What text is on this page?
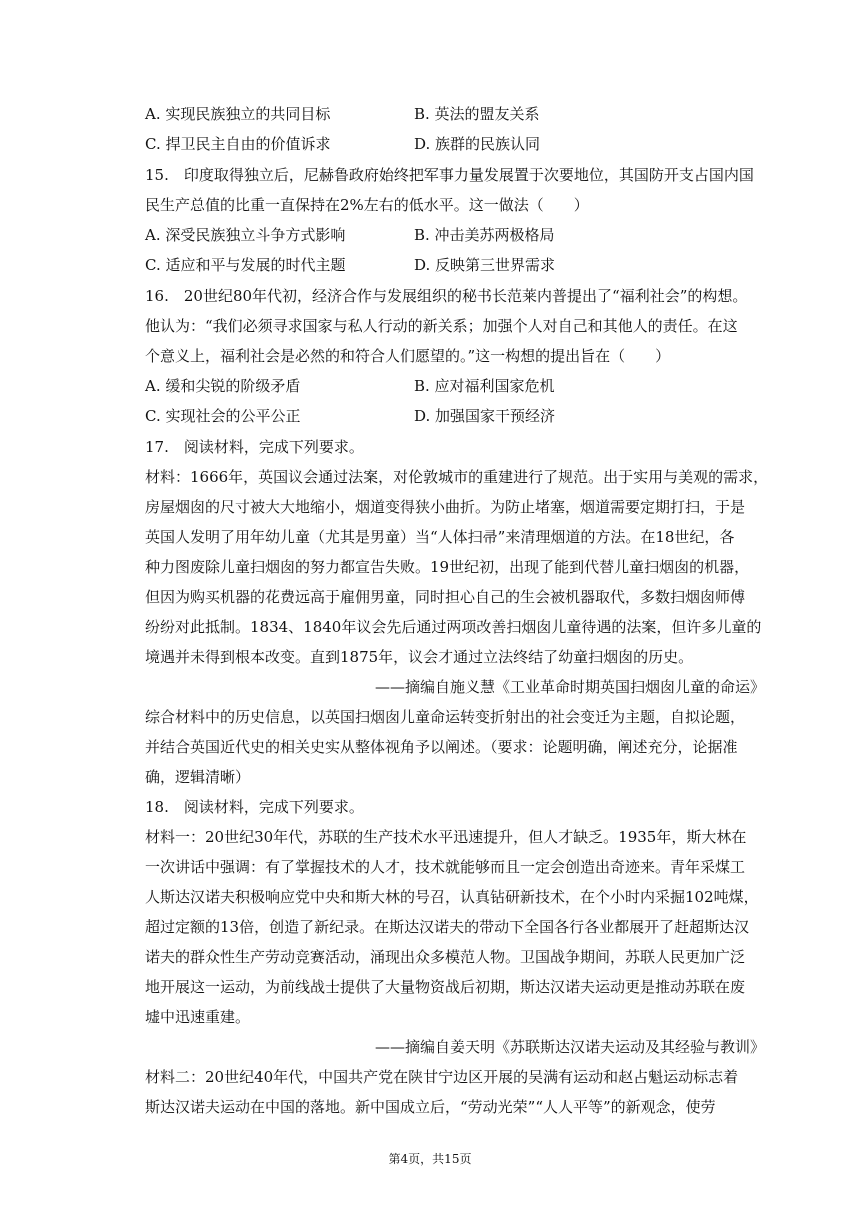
A. 实现民族独立的共同目标	B. 英法的盟友关系
C. 捍卫民主自由的价值诉求	D. 族群的民族认同
15.　印度取得独立后，尼赫鲁政府始终把军事力量发展置于次要地位，其国防开支占国内国
民生产总值的比重一直保持在2%左右的低水平。这一做法（　　）
A. 深受民族独立斗争方式影响	B. 冲击美苏两极格局
C. 适应和平与发展的时代主题	D. 反映第三世界需求
16.　20世纪80年代初，经济合作与发展组织的秘书长范莱内普提出了“福利社会”的构想。
他认为：“我们必须寻求国家与私人行动的新关系；加强个人对自己和其他人的责任。在这
个意义上，福利社会是必然的和符合人们愿望的。”这一构想的提出旨在（　　）
A. 缓和尖锐的阶级矛盾	B. 应对福利国家危机
C. 实现社会的公平公正	D. 加强国家干预经济
17.　阅读材料，完成下列要求。
材料：1666年，英国议会通过法案，对伦敦城市的重建进行了规范。出于实用与美观的需求，
房屋烟囱的尺寸被大大地缩小，烟道变得狭小曲折。为防止堵塞，烟道需要定期打扫，于是
英国人发明了用年幼儿童（尤其是男童）当“人体扫帚”来清理烟道的方法。在18世纪，各
种力图废除儿童扫烟囱的努力都宣告失败。19世纪初，出现了能到代替儿童扫烟囱的机器，
但因为购买机器的花费远高于雇佣男童，同时担心自己的生会被机器取代，多数扫烟囱师傅
纷纷对此抵制。1834、1840年议会先后通过两项改善扫烟囱儿童待遇的法案，但许多儿童的
境遇并未得到根本改变。直到1875年，议会才通过立法终结了幼童扫烟囱的历史。
——摘编自施义慧《工业革命时期英国扫烟囱儿童的命运》
综合材料中的历史信息，以英国扫烟囱儿童命运转变折射出的社会变迁为主题，自拟论题，
并结合英国近代史的相关史实从整体视角予以阐述。（要求：论题明确，阐述充分，论据准
确，逻辑清晰）
18.　阅读材料，完成下列要求。
材料一：20世纪30年代，苏联的生产技术水平迅速提升，但人才缺乏。1935年，斯大林在
一次讲话中强调：有了掌握技术的人才，技术就能够而且一定会创造出奇迹来。青年采煤工
人斯达汉诺夫积极响应党中央和斯大林的号召，认真钻研新技术，在个小时内采掘102吨煤，
超过定额的13倍，创造了新纪录。在斯达汉诺夫的带动下全国各行各业都展开了赶超斯达汉
诺夫的群众性生产劳动竞赛活动，涌现出众多模范人物。卫国战争期间，苏联人民更加广泛
地开展这一运动，为前线战士提供了大量物资战后初期，斯达汉诺夫运动更是推动苏联在废
墟中迅速重建。
——摘编自姜天明《苏联斯达汉诺夫运动及其经验与教训》
材料二：20世纪40年代，中国共产党在陕甘宁边区开展的吴满有运动和赵占魁运动标志着
斯达汉诺夫运动在中国的落地。新中国成立后，“劳动光荣”“人人平等”的新观念，使劳
第4页，共15页
